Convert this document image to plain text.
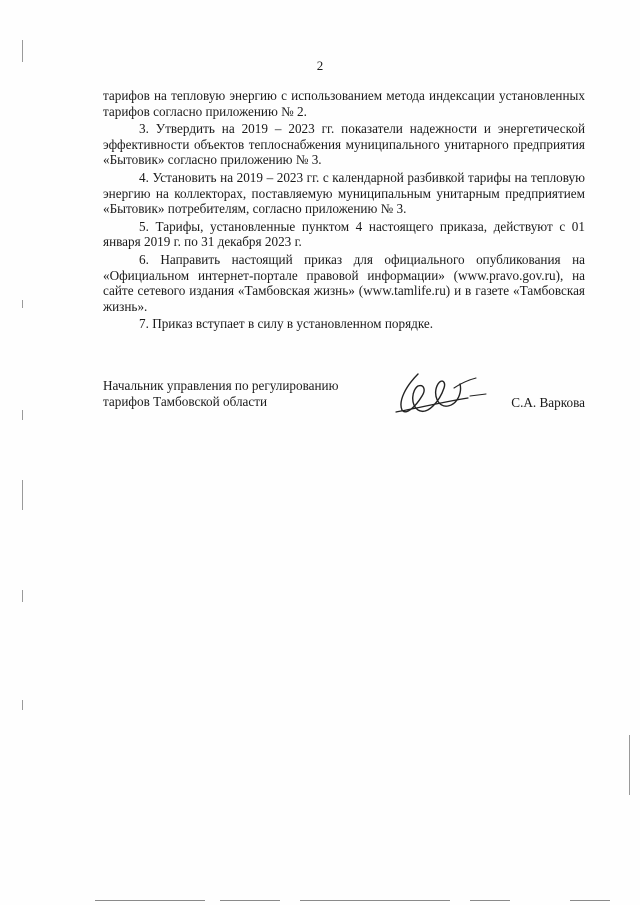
2

тарифов на тепловую энергию с использованием метода индексации установленных тарифов согласно приложению № 2.

3. Утвердить на 2019 – 2023 гг. показатели надежности и энергетической эффективности объектов теплоснабжения муниципального унитарного предприятия «Бытовик» согласно приложению № 3.

4. Установить на 2019 – 2023 гг. с календарной разбивкой тарифы на тепловую энергию на коллекторах, поставляемую муниципальным унитарным предприятием «Бытовик» потребителям, согласно приложению № 3.

5. Тарифы, установленные пунктом 4 настоящего приказа, действуют с 01 января 2019 г. по 31 декабря 2023 г.

6. Направить настоящий приказ для официального опубликования на «Официальном интернет-портале правовой информации» (www.pravo.gov.ru), на сайте сетевого издания «Тамбовская жизнь» (www.tamlife.ru) и в газете «Тамбовская жизнь».

7. Приказ вступает в силу в установленном порядке.

Начальник управления по регулированию
тарифов Тамбовской области	С.А. Варкова
